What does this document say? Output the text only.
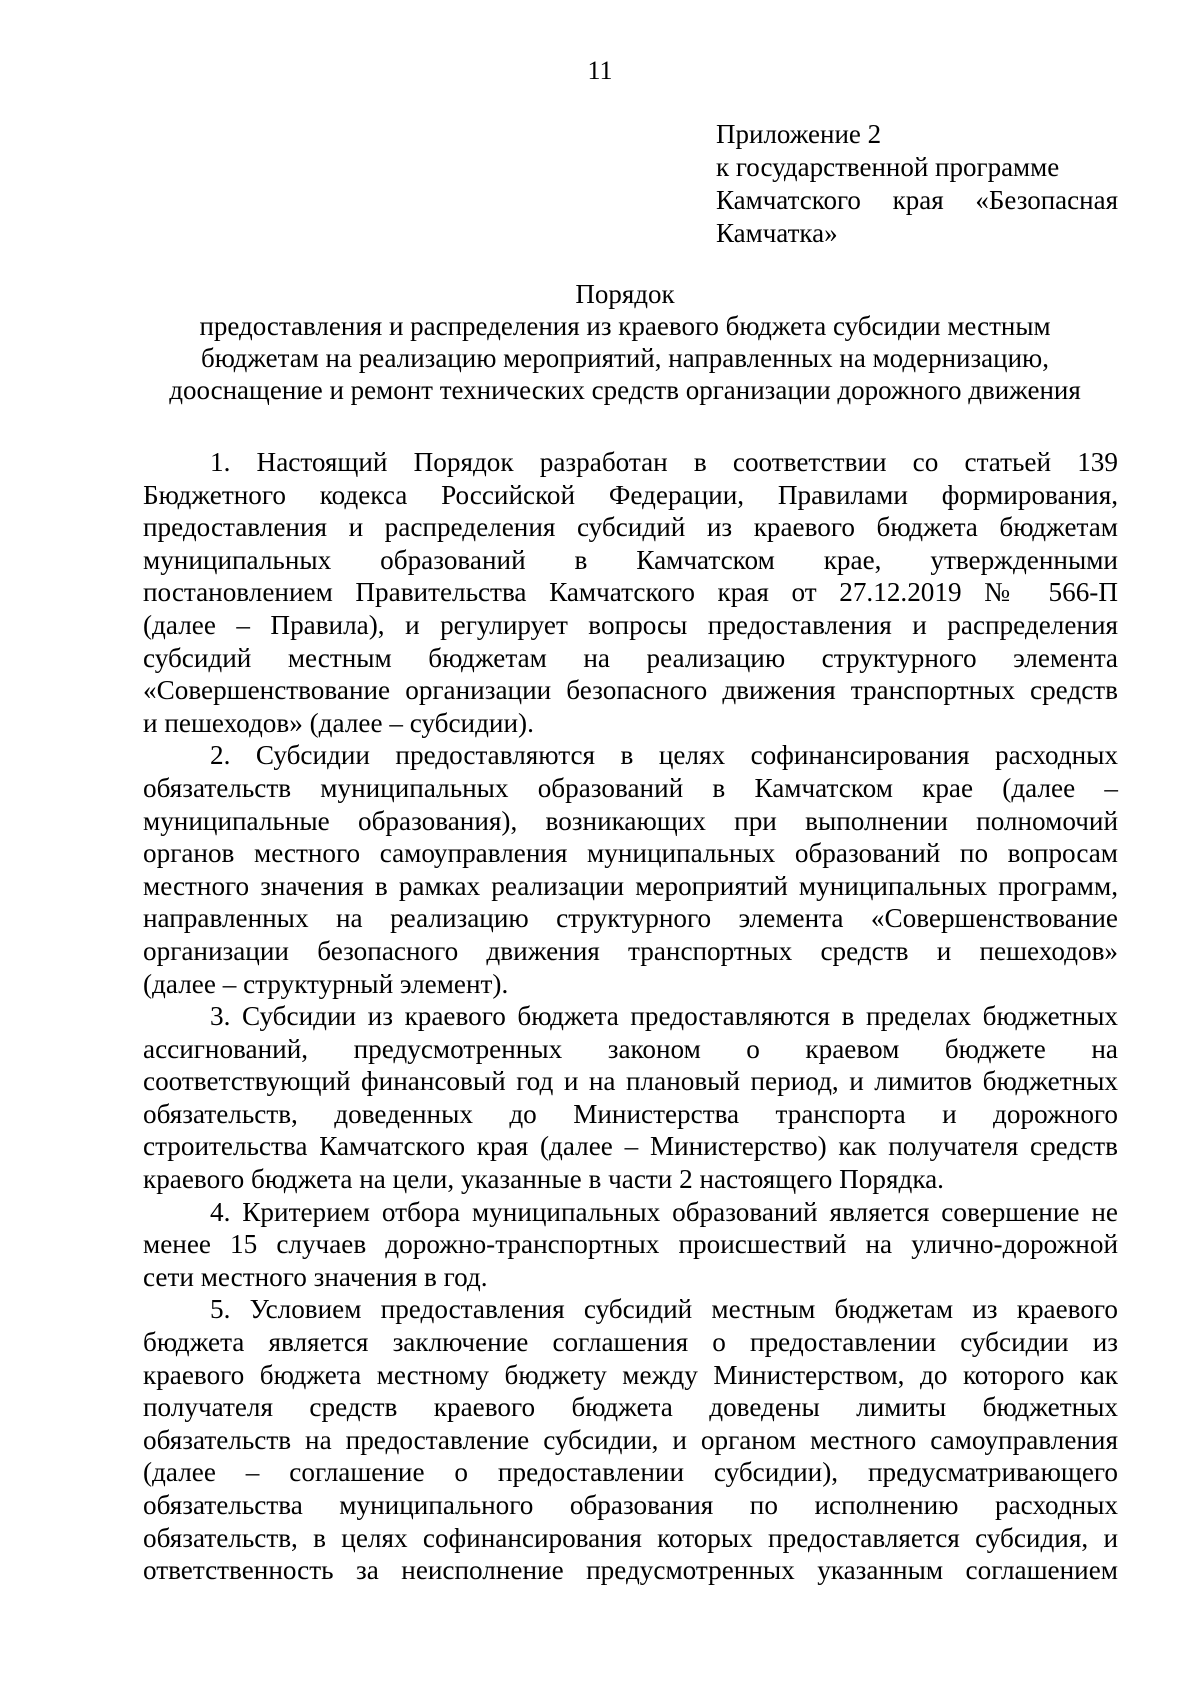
11
Приложение 2
к государственной программе
Камчатского края «Безопасная
Камчатка»
Порядок
предоставления и распределения из краевого бюджета субсидии местным
бюджетам на реализацию мероприятий, направленных на модернизацию,
дооснащение и ремонт технических средств организации дорожного движения

1. Настоящий Порядок разработан в соответствии со статьей 139
Бюджетного кодекса Российской Федерации, Правилами формирования,
предоставления и распределения субсидий из краевого бюджета бюджетам
муниципальных образований в Камчатском крае, утвержденными
постановлением Правительства Камчатского края от 27.12.2019 № 566-П
(далее – Правила), и регулирует вопросы предоставления и распределения
субсидий местным бюджетам на реализацию структурного элемента
«Совершенствование организации безопасного движения транспортных средств
и пешеходов» (далее – субсидии).

2. Субсидии предоставляются в целях софинансирования расходных
обязательств муниципальных образований в Камчатском крае (далее –
муниципальные образования), возникающих при выполнении полномочий
органов местного самоуправления муниципальных образований по вопросам
местного значения в рамках реализации мероприятий муниципальных программ,
направленных на реализацию структурного элемента «Совершенствование
организации безопасного движения транспортных средств и пешеходов»
(далее – структурный элемент).

3. Субсидии из краевого бюджета предоставляются в пределах бюджетных
ассигнований, предусмотренных законом о краевом бюджете на
соответствующий финансовый год и на плановый период, и лимитов бюджетных
обязательств, доведенных до Министерства транспорта и дорожного
строительства Камчатского края (далее – Министерство) как получателя средств
краевого бюджета на цели, указанные в части 2 настоящего Порядка.

4. Критерием отбора муниципальных образований является совершение не
менее 15 случаев дорожно-транспортных происшествий на улично-дорожной
сети местного значения в год.

5. Условием предоставления субсидий местным бюджетам из краевого
бюджета является заключение соглашения о предоставлении субсидии из
краевого бюджета местному бюджету между Министерством, до которого как
получателя средств краевого бюджета доведены лимиты бюджетных
обязательств на предоставление субсидии, и органом местного самоуправления
(далее – соглашение о предоставлении субсидии), предусматривающего
обязательства муниципального образования по исполнению расходных
обязательств, в целях софинансирования которых предоставляется субсидия, и
ответственность за неисполнение предусмотренных указанным соглашением
